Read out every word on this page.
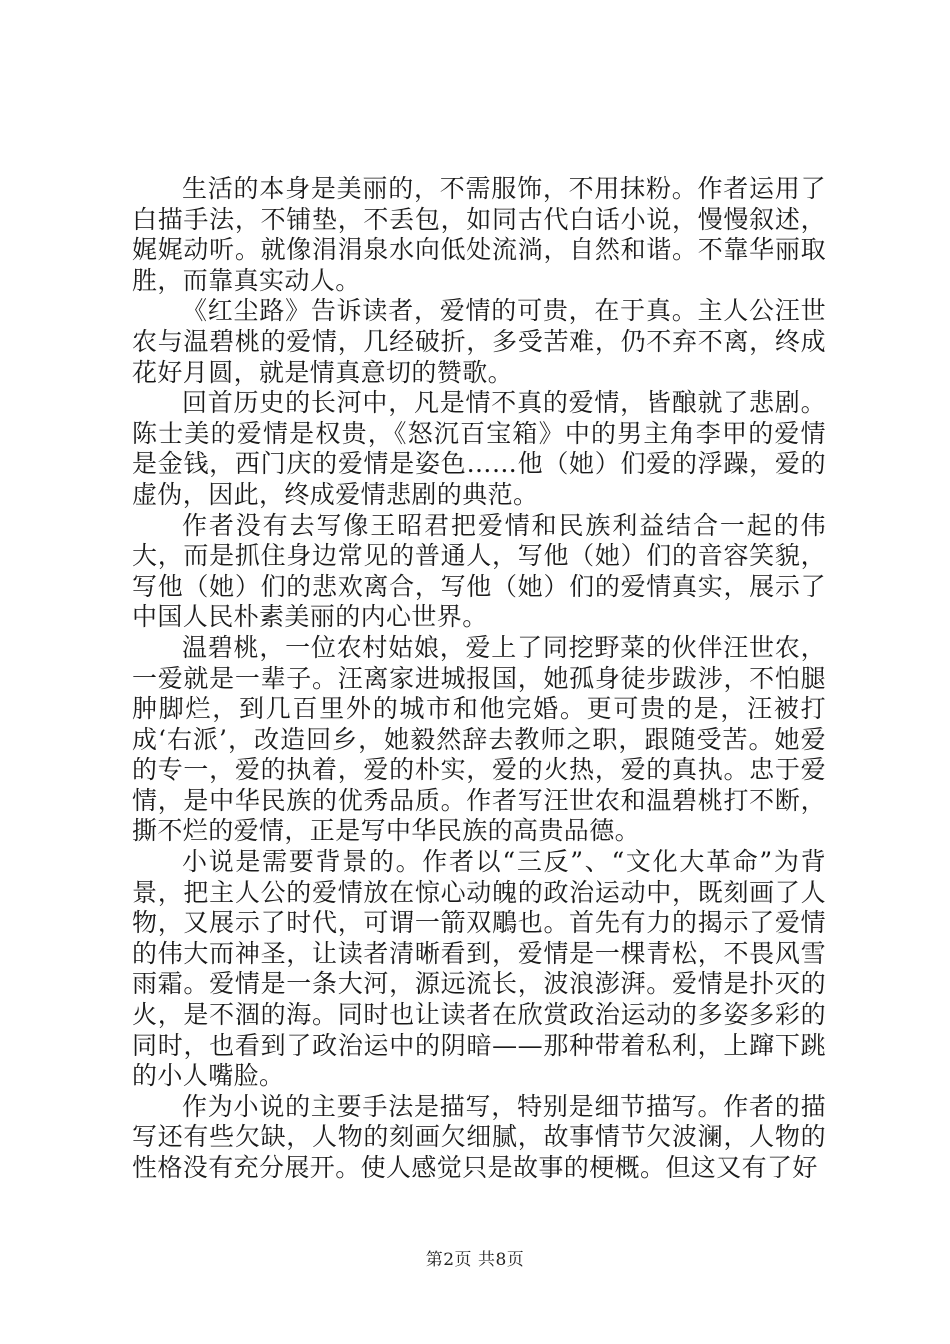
生活的本身是美丽的，不需服饰，不用抹粉。作者运用了白描手法，不铺垫，不丢包，如同古代白话小说，慢慢叙述，娓娓动听。就像涓涓泉水向低处流淌，自然和谐。不靠华丽取胜，而靠真实动人。

《红尘路》告诉读者，爱情的可贵，在于真。主人公汪世农与温碧桃的爱情，几经破折，多受苦难，仍不弃不离，终成花好月圆，就是情真意切的赞歌。

回首历史的长河中，凡是情不真的爱情，皆酿就了悲剧。陈士美的爱情是权贵，《怒沉百宝箱》中的男主角李甲的爱情是金钱，西门庆的爱情是姿色……他（她）们爱的浮躁，爱的虚伪，因此，终成爱情悲剧的典范。

作者没有去写像王昭君把爱情和民族利益结合一起的伟大，而是抓住身边常见的普通人，写他（她）们的音容笑貌，写他（她）们的悲欢离合，写他（她）们的爱情真实，展示了中国人民朴素美丽的内心世界。

温碧桃，一位农村姑娘，爱上了同挖野菜的伙伴汪世农，一爱就是一辈子。汪离家进城报国，她孤身徒步跋涉，不怕腿肿脚烂，到几百里外的城市和他完婚。更可贵的是，汪被打成‘右派’，改造回乡，她毅然辞去教师之职，跟随受苦。她爱的专一，爱的执着，爱的朴实，爱的火热，爱的真执。忠于爱情，是中华民族的优秀品质。作者写汪世农和温碧桃打不断，撕不烂的爱情，正是写中华民族的高贵品德。

小说是需要背景的。作者以“三反”、“文化大革命”为背景，把主人公的爱情放在惊心动魄的政治运动中，既刻画了人物，又展示了时代，可谓一箭双鵰也。首先有力的揭示了爱情的伟大而神圣，让读者清晰看到，爱情是一棵青松，不畏风雪雨霜。爱情是一条大河，源远流长，波浪澎湃。爱情是扑灭的火，是不涸的海。同时也让读者在欣赏政治运动的多姿多彩的同时，也看到了政治运中的阴暗——那种带着私利，上蹿下跳的小人嘴脸。

作为小说的主要手法是描写，特别是细节描写。作者的描写还有些欠缺，人物的刻画欠细腻，故事情节欠波澜，人物的性格没有充分展开。使人感觉只是故事的梗概。但这又有了好

第2页 共8页
